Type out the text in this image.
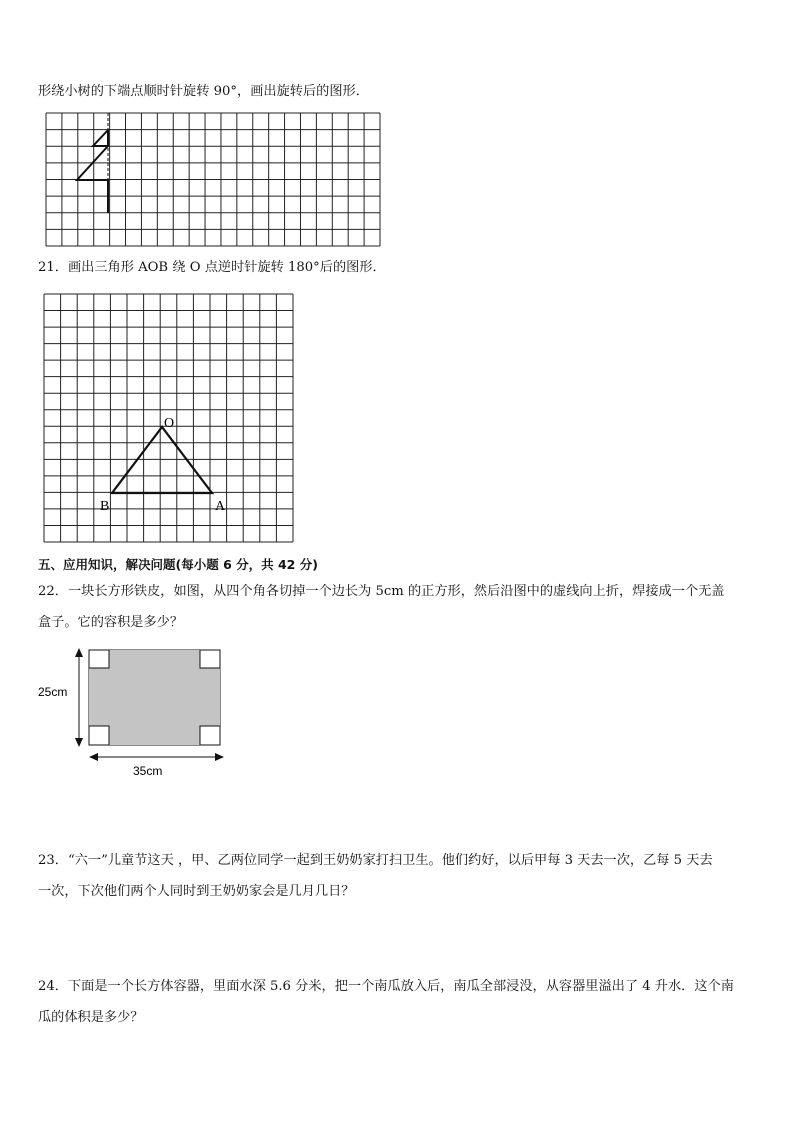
形绕小树的下端点顺时针旋转 90°，画出旋转后的图形．
21．画出三角形 AOB 绕 O 点逆时针旋转 180°后的图形．
O
B	A
五、应用知识，解决问题(每小题 6 分，共 42 分)
22．一块长方形铁皮，如图，从四个角各切掉一个边长为 5cm 的正方形，然后沿图中的虚线向上折，焊接成一个无盖
盒子。它的容积是多少？
25cm
35cm
23．“六一”儿童节这天 ，甲、乙两位同学一起到王奶奶家打扫卫生。他们约好，以后甲每 3 天去一次，乙每 5 天去
一次，下次他们两个人同时到王奶奶家会是几月几日？
24．下面是一个长方体容器，里面水深 5.6 分米，把一个南瓜放入后，南瓜全部浸没，从容器里溢出了 4 升水．这个南
瓜的体积是多少？
